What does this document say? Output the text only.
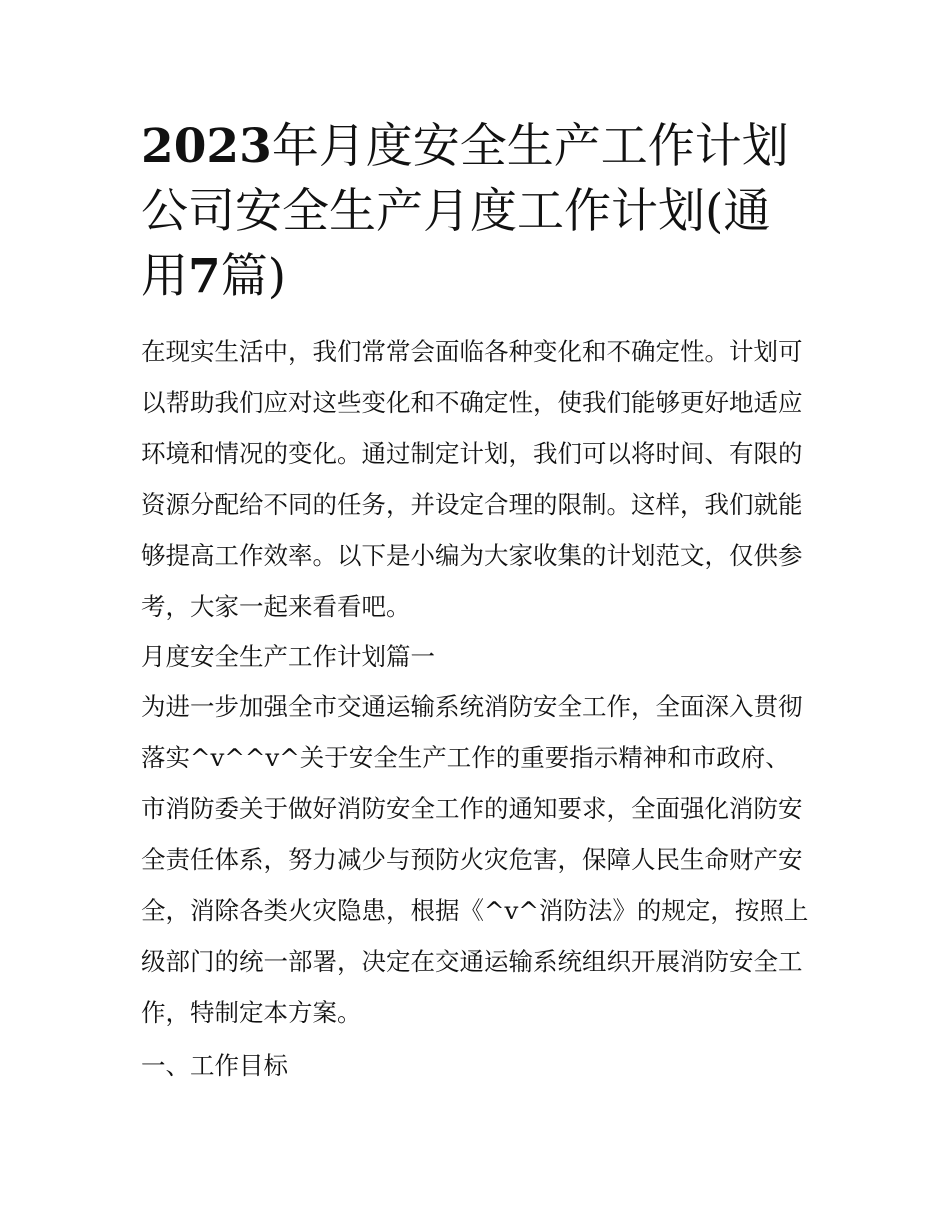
2023年月度安全生产工作计划公司安全生产月度工作计划(通用7篇)

在现实生活中，我们常常会面临各种变化和不确定性。计划可以帮助我们应对这些变化和不确定性，使我们能够更好地适应环境和情况的变化。通过制定计划，我们可以将时间、有限的资源分配给不同的任务，并设定合理的限制。这样，我们就能够提高工作效率。以下是小编为大家收集的计划范文，仅供参考，大家一起来看看吧。

月度安全生产工作计划篇一

为进一步加强全市交通运输系统消防安全工作，全面深入贯彻落实^v^^v^关于安全生产工作的重要指示精神和市政府、市消防委关于做好消防安全工作的通知要求，全面强化消防安全责任体系，努力减少与预防火灾危害，保障人民生命财产安全，消除各类火灾隐患，根据《^v^消防法》的规定，按照上级部门的统一部署，决定在交通运输系统组织开展消防安全工作，特制定本方案。

一、工作目标
